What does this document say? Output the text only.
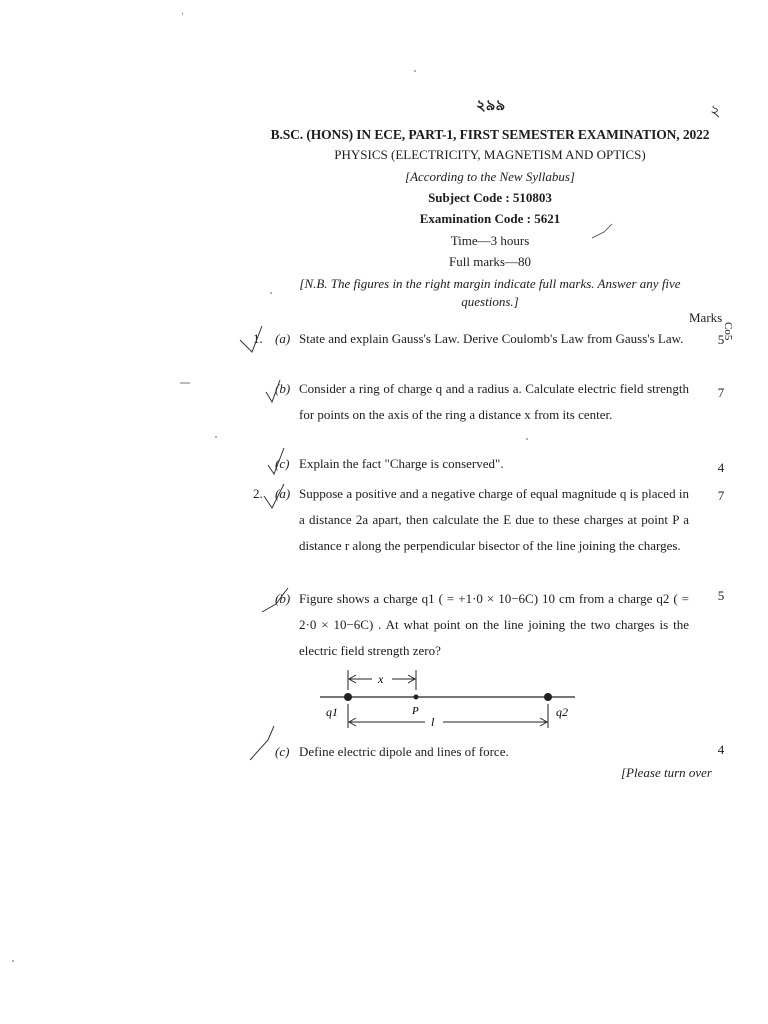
২৯৯	২
B.SC. (HONS) IN ECE, PART-1, FIRST SEMESTER EXAMINATION, 2022
PHYSICS (ELECTRICITY, MAGNETISM AND OPTICS)
[According to the New Syllabus]
Subject Code : 510803
Examination Code : 5621
Time—3 hours
Full marks—80
[N.B. The figures in the right margin indicate full marks. Answer any five
questions.]
Marks
Co5
1. (a) State and explain Gauss's Law. Derive Coulomb's Law from Gauss's Law.	5
(b) Consider a ring of charge q and a radius a. Calculate electric field strength for points on the axis of the ring a distance x from its center.
7
(c) Explain the fact "Charge is conserved".	4
2. (a) Suppose a positive and a negative charge of equal magnitude q is placed in a distance 2a apart, then calculate the E due to these charges at point P a distance r along the perpendicular bisector of the line joining the charges.
7
(b) Figure shows a charge q1 ( = +1·0 × 10−6C) 10 cm from a charge q2 ( = 2·0 × 10−6C) . At what point on the line joining the two charges is the electric field strength zero?
5
x
l
q1	P	q2
(c) Define electric dipole and lines of force.	4
[Please turn over
